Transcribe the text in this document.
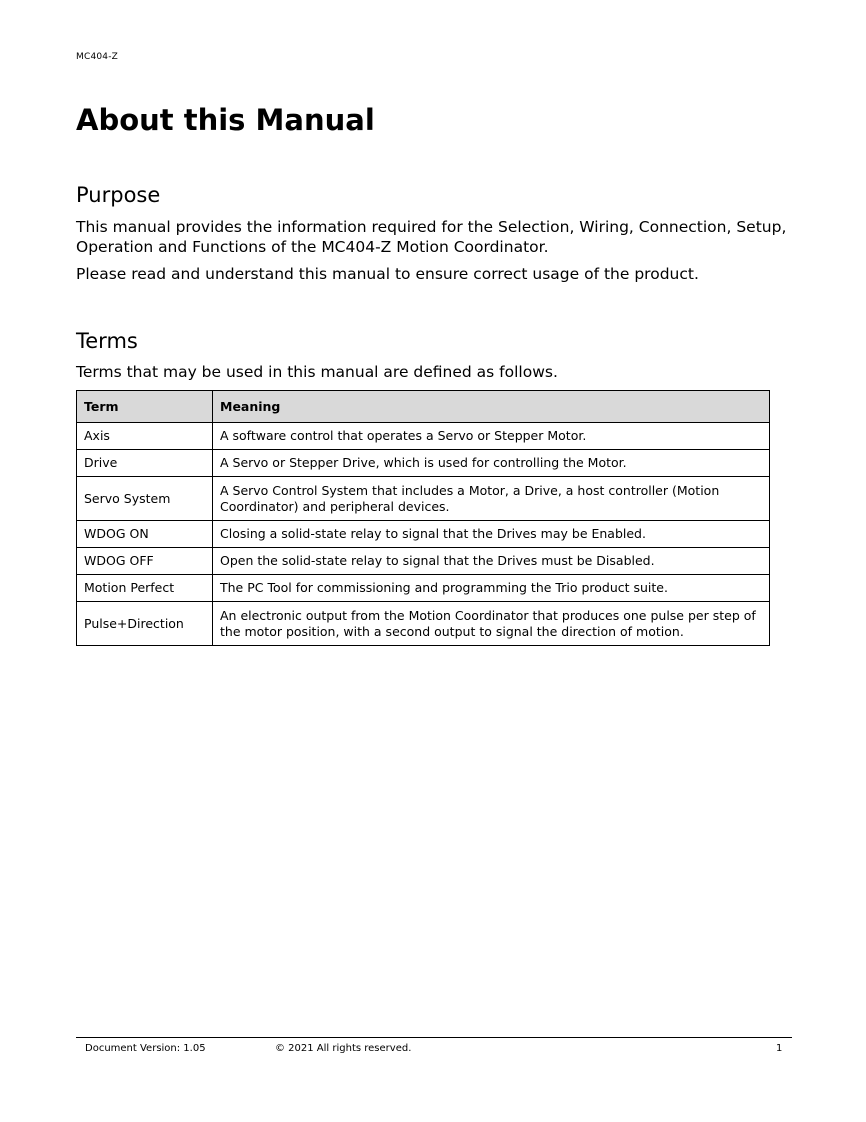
MC404-Z
About this Manual
Purpose

This manual provides the information required for the Selection, Wiring, Connection, Setup, Operation and Functions of the MC404-Z Motion Coordinator.

Please read and understand this manual to ensure correct usage of the product.

Terms

Terms that may be used in this manual are defined as follows.

Term	Meaning
Axis	A software control that operates a Servo or Stepper Motor.
Drive	A Servo or Stepper Drive, which is used for controlling the Motor.
Servo System	A Servo Control System that includes a Motor, a Drive, a host controller (Motion Coordinator) and peripheral devices.
WDOG ON	Closing a solid-state relay to signal that the Drives may be Enabled.
WDOG OFF	Open the solid-state relay to signal that the Drives must be Disabled.
Motion Perfect	The PC Tool for commissioning and programming the Trio product suite.
Pulse+Direction	An electronic output from the Motion Coordinator that produces one pulse per step of the motor position, with a second output to signal the direction of motion.
Document Version: 1.05	© 2021 All rights reserved.	1
